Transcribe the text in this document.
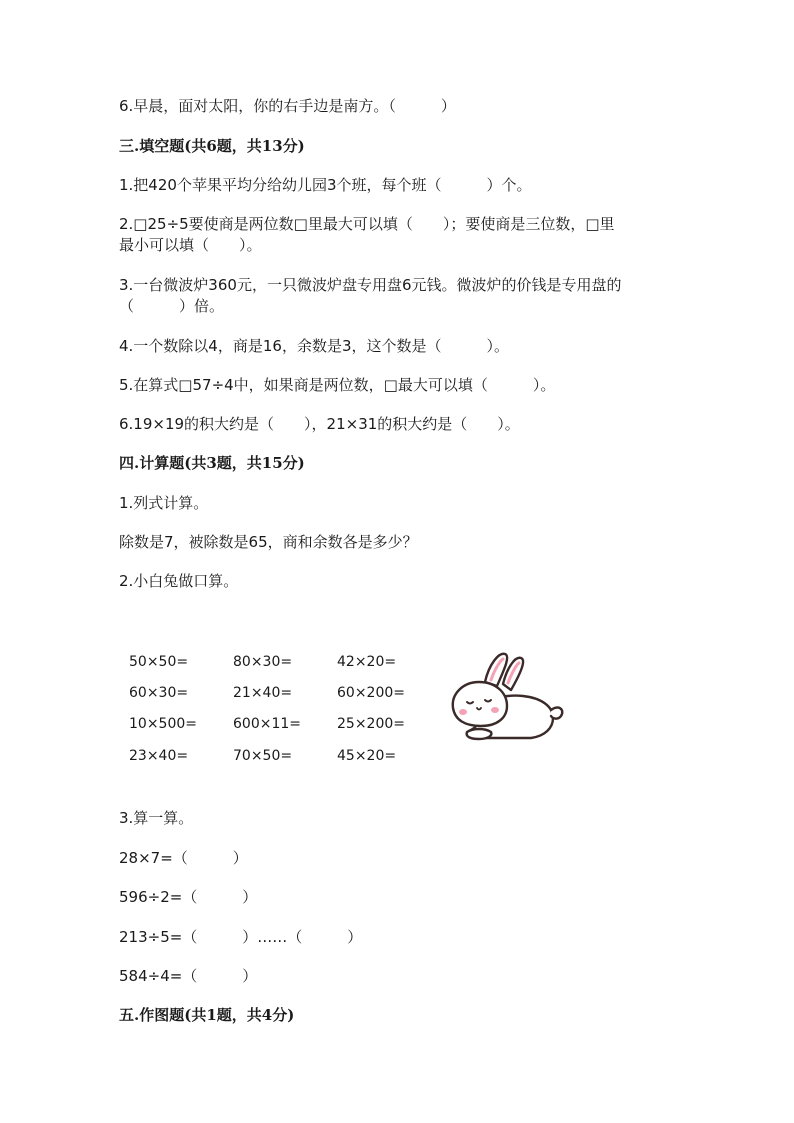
6.早晨，面对太阳，你的右手边是南方。（　　　）
三.填空题(共6题，共13分)
1.把420个苹果平均分给幼儿园3个班，每个班（　　　）个。
2.□25÷5要使商是两位数□里最大可以填（　　）；要使商是三位数，□里
最小可以填（　　）。
3.一台微波炉360元，一只微波炉盘专用盘6元钱。微波炉的价钱是专用盘的
（　　　）倍。
4.一个数除以4，商是16，余数是3，这个数是（　　　）。
5.在算式□57÷4中，如果商是两位数，□最大可以填（　　　）。
6.19×19的积大约是（　　），21×31的积大约是（　　）。
四.计算题(共3题，共15分)
1.列式计算。
除数是7，被除数是65，商和余数各是多少？
2.小白兔做口算。
50×50=	80×30=	42×20=
60×30=	21×40=	60×200=
10×500=	600×11=	25×200=
23×40=	70×50=	45×20=
3.算一算。
28×7=（　　　）
596÷2=（　　　）
213÷5=（　　　）……（　　　）
584÷4=（　　　）
五.作图题(共1题，共4分)
